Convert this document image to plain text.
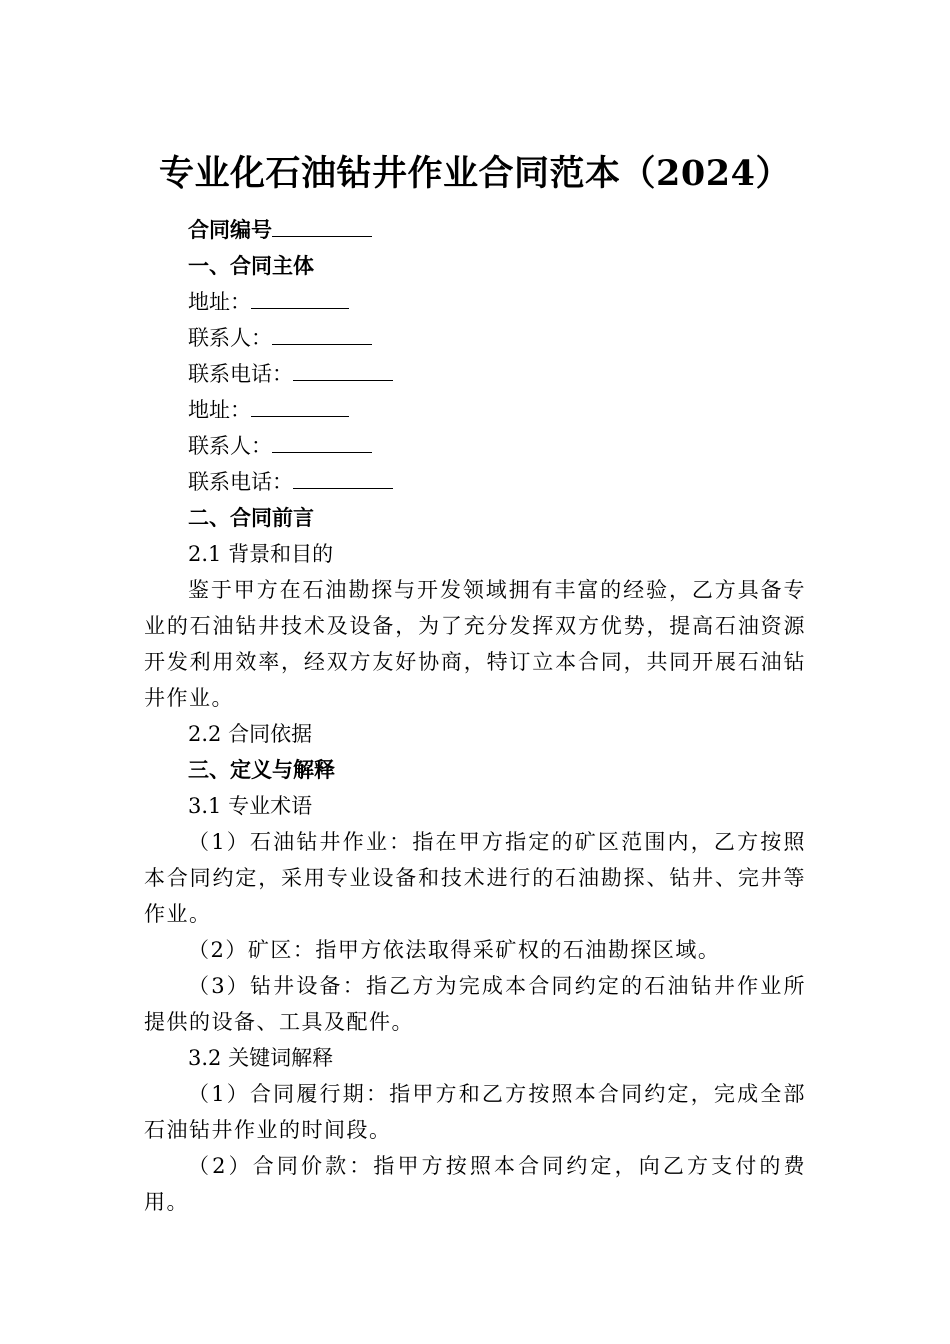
专业化石油钻井作业合同范本（2024）

合同编号

一、合同主体

地址：

联系人：

联系电话：

地址：

联系人：

联系电话：

二、合同前言

2.1 背景和目的

鉴于甲方在石油勘探与开发领域拥有丰富的经验，乙方具备专业的石油钻井技术及设备，为了充分发挥双方优势，提高石油资源开发利用效率，经双方友好协商，特订立本合同，共同开展石油钻井作业。

2.2 合同依据

三、定义与解释

3.1 专业术语

（1）石油钻井作业：指在甲方指定的矿区范围内，乙方按照本合同约定，采用专业设备和技术进行的石油勘探、钻井、完井等作业。

（2）矿区：指甲方依法取得采矿权的石油勘探区域。

（3）钻井设备：指乙方为完成本合同约定的石油钻井作业所提供的设备、工具及配件。

3.2 关键词解释

（1）合同履行期：指甲方和乙方按照本合同约定，完成全部石油钻井作业的时间段。

（2）合同价款：指甲方按照本合同约定，向乙方支付的费用。
